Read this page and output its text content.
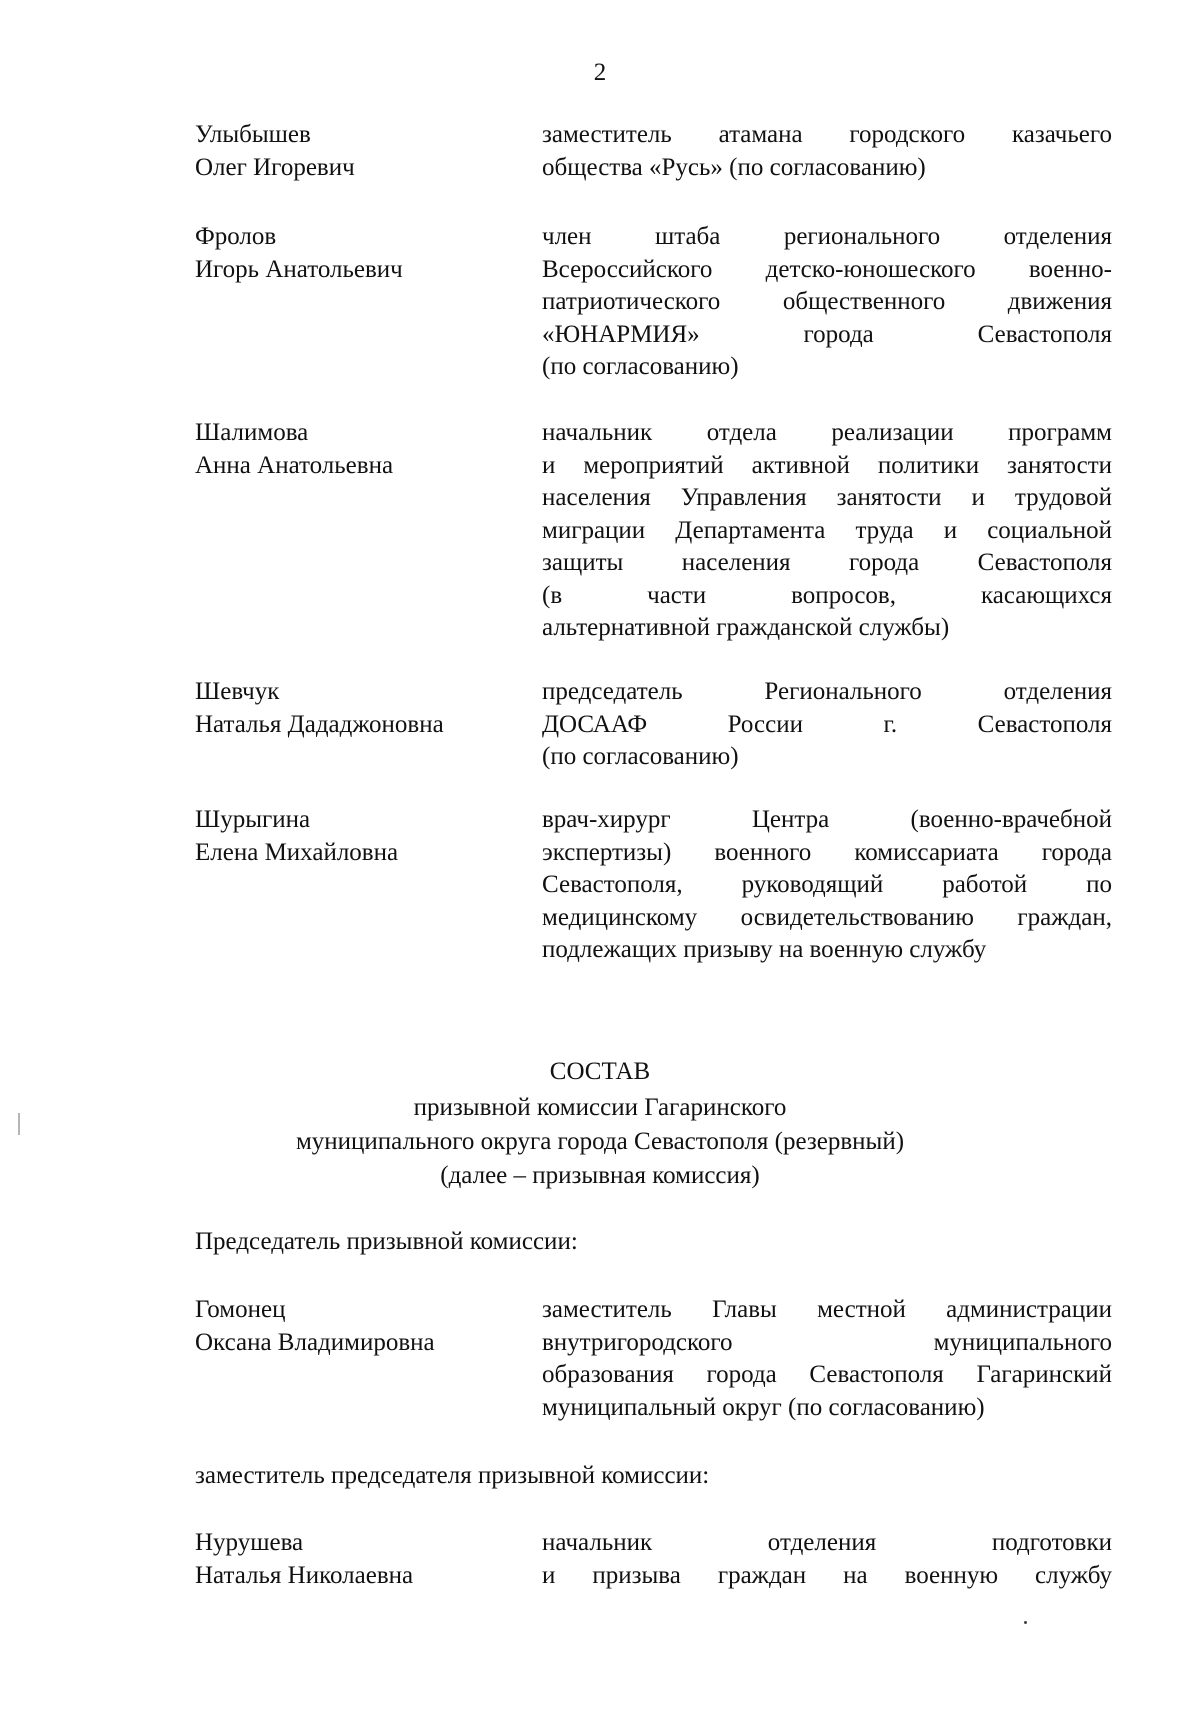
2
Улыбышев
Олег Игоревич
заместитель атамана городского казачьего
общества «Русь» (по согласованию)
Фролов
Игорь Анатольевич
член штаба регионального отделения
Всероссийского детско-юношеского военно-
патриотического общественного движения
«ЮНАРМИЯ» города Севастополя
(по согласованию)
Шалимова
Анна Анатольевна
начальник отдела реализации программ
и мероприятий активной политики занятости
населения Управления занятости и трудовой
миграции Департамента труда и социальной
защиты населения города Севастополя
(в части вопросов, касающихся
альтернативной гражданской службы)
Шевчук
Наталья Дададжоновна
председатель Регионального отделения
ДОСААФ России г. Севастополя
(по согласованию)
Шурыгина
Елена Михайловна
врач-хирург Центра (военно-врачебной
экспертизы) военного комиссариата города
Севастополя, руководящий работой по
медицинскому освидетельствованию граждан,
подлежащих призыву на военную службу
СОСТАВ
призывной комиссии Гагаринского
муниципального округа города Севастополя (резервный)
(далее – призывная комиссия)
Председатель призывной комиссии:
Гомонец
Оксана Владимировна
заместитель Главы местной администрации
внутригородского муниципального
образования города Севастополя Гагаринский
муниципальный округ (по согласованию)
заместитель председателя призывной комиссии:
Нурушева
Наталья Николаевна
начальник отделения подготовки
и призыва граждан на военную службу
